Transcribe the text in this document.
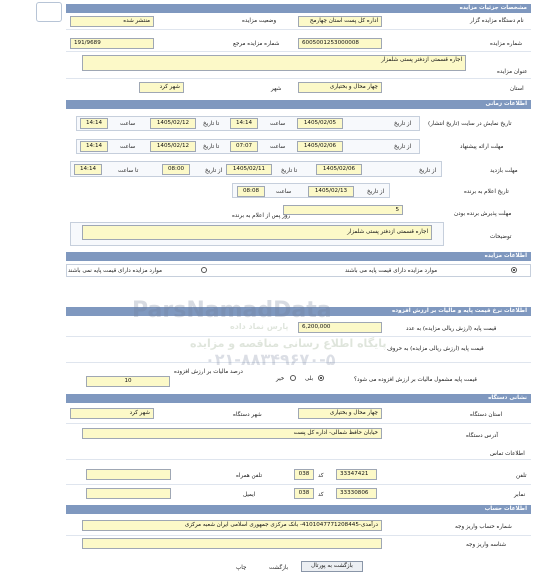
مشخصات جزئیات مزایده
نام دستگاه مزایده گزار
اداره کل پست استان چهارمح
وضعیت مزایده
منتشر شده
شماره مزایده
6005001253000008
شماره مزایده مرجع
191/9689
عنوان مزایده
اجاره قسمتی ازدفتر پستی شلمزار
استان
چهار محال و بختیاری
شهر
شهر کرد
اطلاعات زمانی
تاریخ نمایش در سایت (تاریخ انتشار)
از تاریخ
1405/02/05
ساعت
14:14
تا تاریخ
1405/02/12
ساعت
14:14
مهلت ارائه پیشنهاد
از تاریخ
1405/02/06
ساعت
07:07
تا تاریخ
1405/02/12
ساعت
14:14
مهلت بازدید
از تاریخ
1405/02/06
تا تاریخ
1405/02/11
از تاریخ
08:00
تا ساعت
14:14
تاریخ اعلام به برنده
از تاریخ
1405/02/13
ساعت
08:08
مهلت پذیرش برنده بودن
5
روز پس از اعلام به برنده
توضیحات
اجاره قسمتی ازدفتر پستی شلمزار
اطلاعات مزایده
موارد مزایده دارای قیمت پایه می باشند
موارد مزایده دارای قیمت پایه نمی باشند
اطلاعات نرخ قیمت پایه و مالیات بر ارزش افزوده
قیمت پایه (ارزش ریالی مزایده) به عدد
6,200,000
قیمت پایه (ارزش ریالی مزایده) به حروف
قیمت پایه مشمول مالیات بر ارزش افزوده می شود؟
بلی
خیر
درصد مالیات بر ارزش افزوده
10
نشانی دستگاه
استان دستگاه
چهار محال و بختیاری
شهر دستگاه
شهر کرد
آدرس دستگاه
خیابان حافظ شمالی- اداره کل پست
اطلاعات تماس
تلفن
33347421
کد
038
تلفن همراه
نمابر
33330806
کد
038
ایمیل
اطلاعات حساب
شماره حساب واریز وجه
درآمدی-4101047771208445- بانک مرکزی جمهوری اسلامی ایران شعبه مرکزی
شناسه واریز وجه
چاپ	بازگشت	بازگشت به پورتال
ParsNamadData
پایگاه اطلاع رسانی مناقصه و مزایده
۰۲۱-۸۸۳۴۹۶۷۰-۵
پارس نماد داده
